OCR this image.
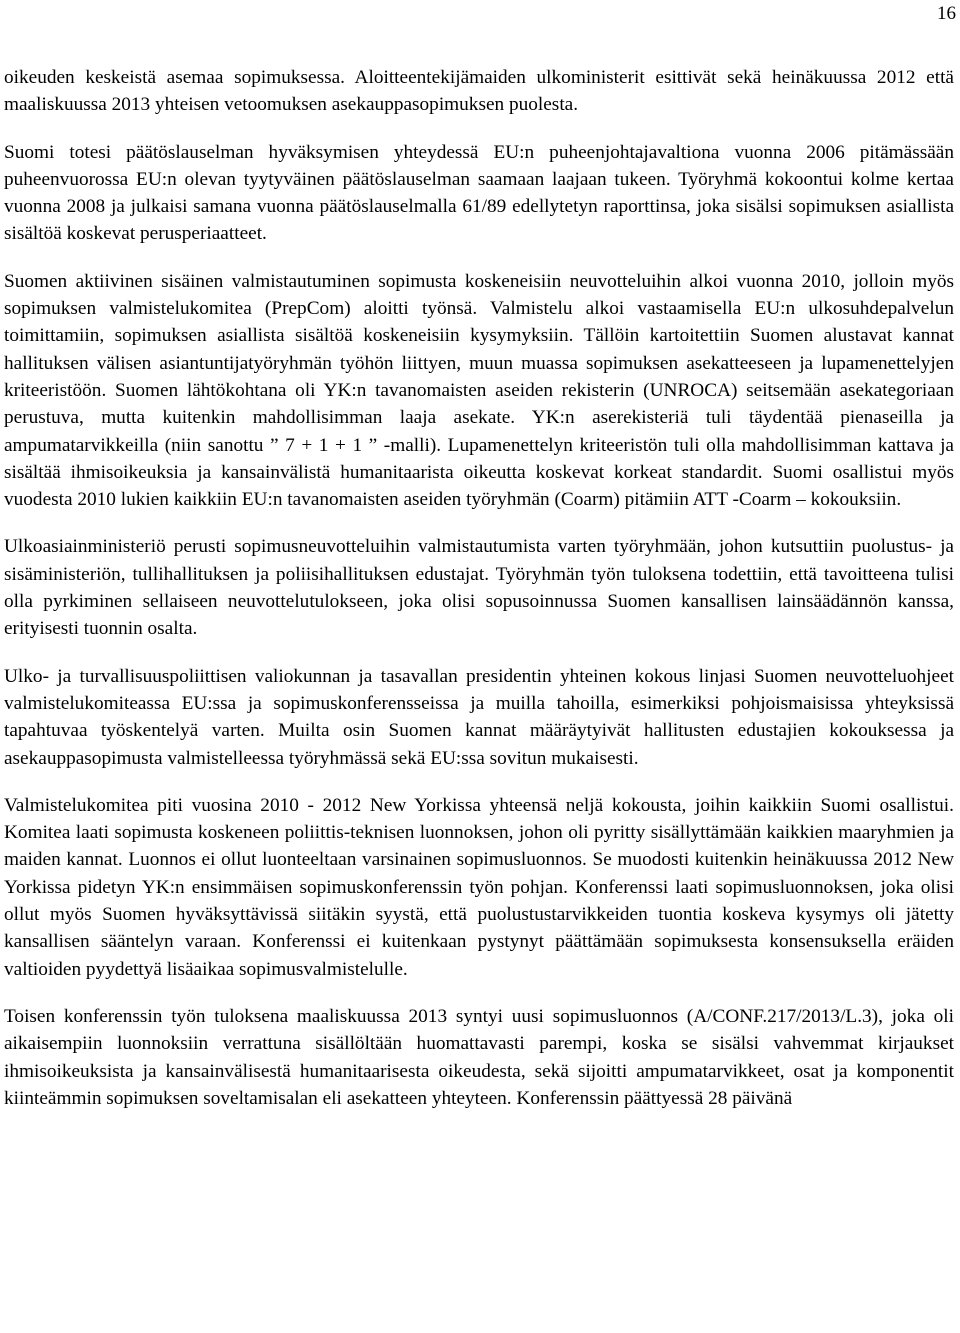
16

oikeuden keskeistä asemaa sopimuksessa. Aloitteentekijämaiden ulkoministerit esittivät sekä heinäkuussa 2012 että maaliskuussa 2013 yhteisen vetoomuksen asekauppasopimuksen puolesta.

Suomi totesi päätöslauselman hyväksymisen yhteydessä EU:n puheenjohtajavaltiona vuonna 2006 pitämässään puheenvuorossa EU:n olevan tyytyväinen päätöslauselman saamaan laajaan tukeen. Työryhmä kokoontui kolme kertaa vuonna 2008 ja julkaisi samana vuonna päätöslauselmalla 61/89 edellytetyn raporttinsa, joka sisälsi sopimuksen asiallista sisältöä koskevat perusperiaatteet.

Suomen aktiivinen sisäinen valmistautuminen sopimusta koskeneisiin neuvotteluihin alkoi vuonna 2010, jolloin myös sopimuksen valmistelukomitea (PrepCom) aloitti työnsä. Valmistelu alkoi vastaamisella EU:n ulkosuhdepalvelun toimittamiin, sopimuksen asiallista sisältöä koskeneisiin kysymyksiin. Tällöin kartoitettiin Suomen alustavat kannat hallituksen välisen asiantuntijatyöryhmän työhön liittyen, muun muassa sopimuksen asekatteeseen ja lupamenettelyjen kriteeristöön. Suomen lähtökohtana oli YK:n tavanomaisten aseiden rekisterin (UNROCA) seitsemään asekategoriaan perustuva, mutta kuitenkin mahdollisimman laaja asekate. YK:n aserekisteriä tuli täydentää pienaseilla ja ampumatarvikkeilla (niin sanottu ” 7 + 1 + 1 ” -malli). Lupamenettelyn kriteeristön tuli olla mahdollisimman kattava ja sisältää ihmisoikeuksia ja kansainvälistä humanitaarista oikeutta koskevat korkeat standardit. Suomi osallistui myös vuodesta 2010 lukien kaikkiin EU:n tavanomaisten aseiden työryhmän (Coarm) pitämiin ATT -Coarm – kokouksiin.

Ulkoasiainministeriö perusti sopimusneuvotteluihin valmistautumista varten työryhmään, johon kutsuttiin puolustus- ja sisäministeriön, tullihallituksen ja poliisihallituksen edustajat. Työryhmän työn tuloksena todettiin, että tavoitteena tulisi olla pyrkiminen sellaiseen neuvottelutulokseen, joka olisi sopusoinnussa Suomen kansallisen lainsäädännön kanssa, erityisesti tuonnin osalta.

Ulko- ja turvallisuuspoliittisen valiokunnan ja tasavallan presidentin yhteinen kokous linjasi Suomen neuvotteluohjeet valmistelukomiteassa EU:ssa ja sopimuskonferensseissa ja muilla tahoilla, esimerkiksi pohjoismaisissa yhteyksissä tapahtuvaa työskentelyä varten. Muilta osin Suomen kannat määräytyivät hallitusten edustajien kokouksessa ja asekauppasopimusta valmistelleessa työryhmässä sekä EU:ssa sovitun mukaisesti.

Valmistelukomitea piti vuosina 2010 - 2012 New Yorkissa yhteensä neljä kokousta, joihin kaikkiin Suomi osallistui. Komitea laati sopimusta koskeneen poliittis-teknisen luonnoksen, johon oli pyritty sisällyttämään kaikkien maaryhmien ja maiden kannat. Luonnos ei ollut luonteeltaan varsinainen sopimusluonnos. Se muodosti kuitenkin heinäkuussa 2012 New Yorkissa pidetyn YK:n ensimmäisen sopimuskonferenssin työn pohjan. Konferenssi laati sopimusluonnoksen, joka olisi ollut myös Suomen hyväksyttävissä siitäkin syystä, että puolustustarvikkeiden tuontia koskeva kysymys oli jätetty kansallisen sääntelyn varaan. Konferenssi ei kuitenkaan pystynyt päättämään sopimuksesta konsensuksella eräiden valtioiden pyydettyä lisäaikaa sopimusvalmistelulle.

Toisen konferenssin työn tuloksena maaliskuussa 2013 syntyi uusi sopimusluonnos (A/CONF.217/2013/L.3), joka oli aikaisempiin luonnoksiin verrattuna sisällöltään huomattavasti parempi, koska se sisälsi vahvemmat kirjaukset ihmisoikeuksista ja kansainvälisestä humanitaarisesta oikeudesta, sekä sijoitti ampumatarvikkeet, osat ja komponentit kiinteämmin sopimuksen soveltamisalan eli asekatteen yhteyteen. Konferenssin päättyessä 28 päivänä
